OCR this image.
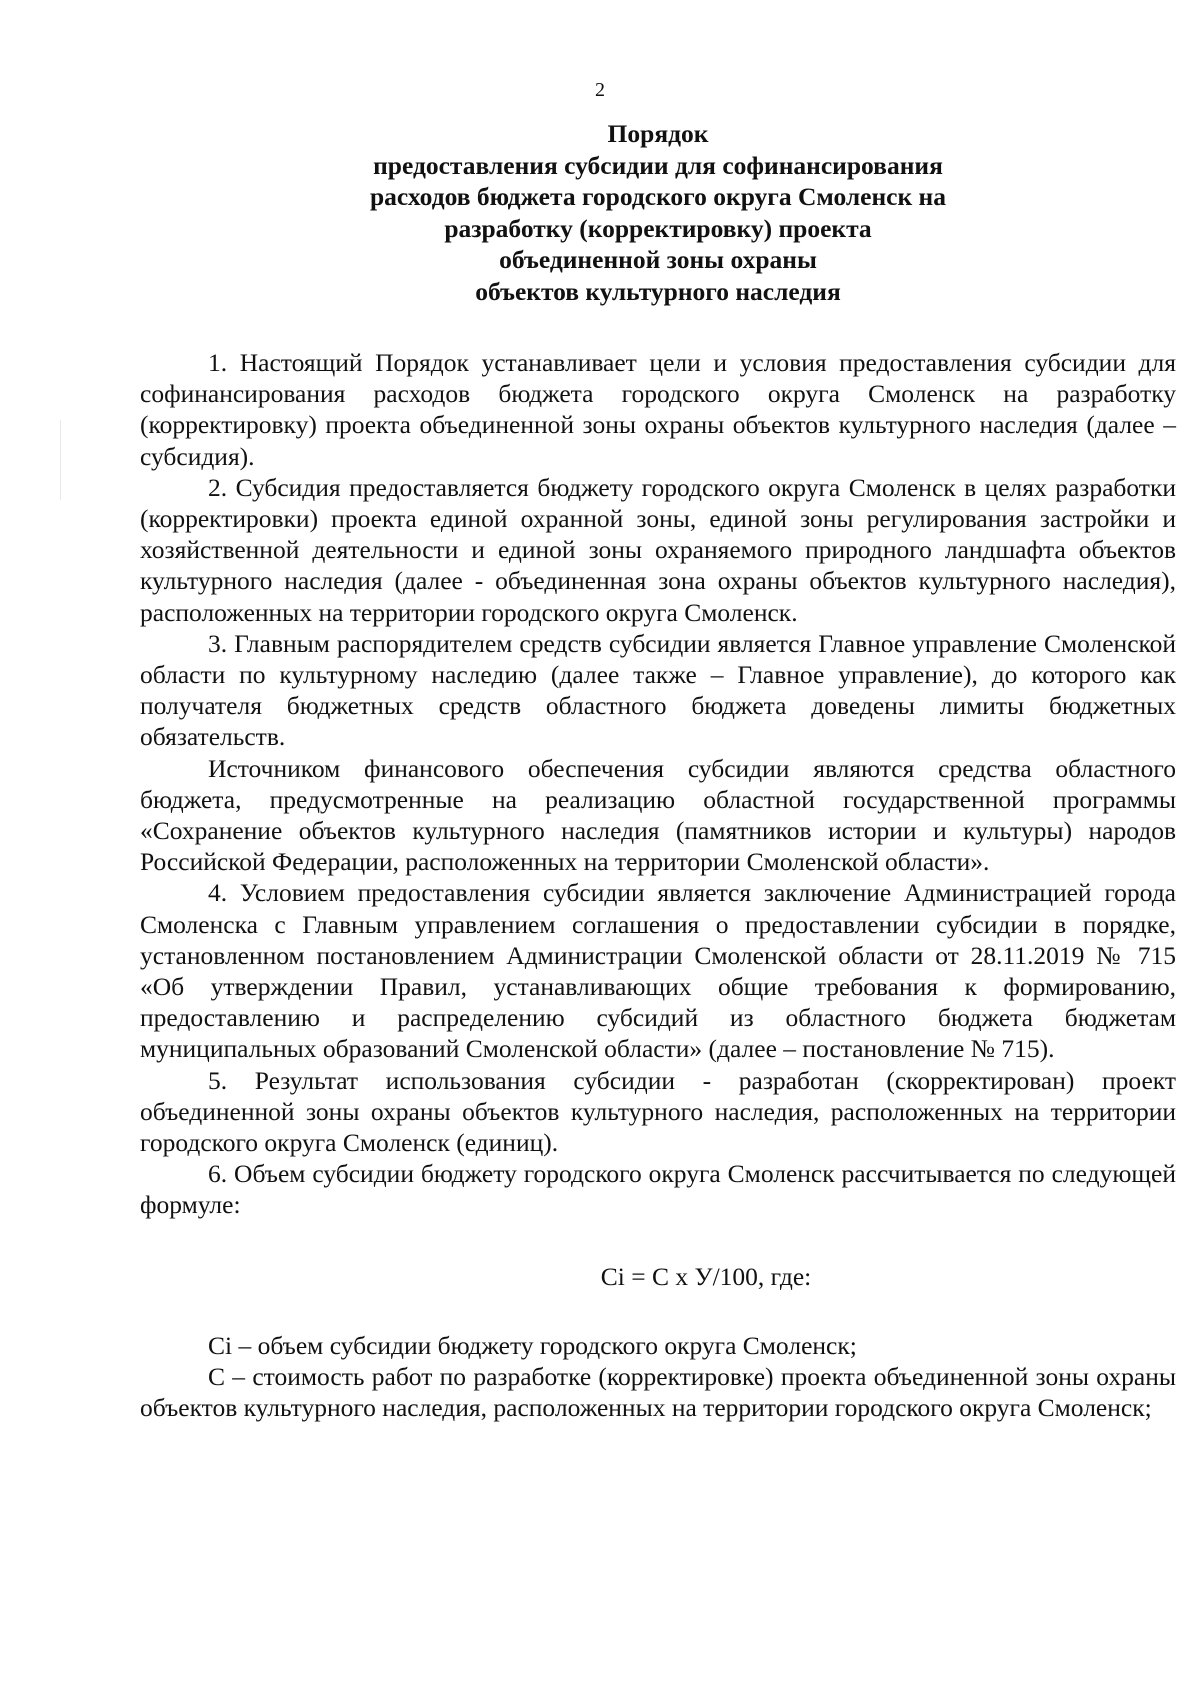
2
Порядок
предоставления субсидии для софинансирования
расходов бюджета городского округа Смоленск на
разработку (корректировку) проекта
объединенной зоны охраны
объектов культурного наследия

1. Настоящий Порядок устанавливает цели и условия предоставления субсидии для софинансирования расходов бюджета городского округа Смоленск на разработку (корректировку) проекта объединенной зоны охраны объектов культурного наследия (далее – субсидия).

2. Субсидия предоставляется бюджету городского округа Смоленск в целях разработки (корректировки) проекта единой охранной зоны, единой зоны регулирования застройки и хозяйственной деятельности и единой зоны охраняемого природного ландшафта объектов культурного наследия (далее - объединенная зона охраны объектов культурного наследия), расположенных на территории городского округа Смоленск.

3. Главным распорядителем средств субсидии является Главное управление Смоленской области по культурному наследию (далее также – Главное управление), до которого как получателя бюджетных средств областного бюджета доведены лимиты бюджетных обязательств.

Источником финансового обеспечения субсидии являются средства областного бюджета, предусмотренные на реализацию областной государственной программы «Сохранение объектов культурного наследия (памятников истории и культуры) народов Российской Федерации, расположенных на территории Смоленской области».

4. Условием предоставления субсидии является заключение Администрацией города Смоленска с Главным управлением соглашения о предоставлении субсидии в порядке, установленном постановлением Администрации Смоленской области от 28.11.2019 № 715 «Об утверждении Правил, устанавливающих общие требования к формированию, предоставлению и распределению субсидий из областного бюджета бюджетам муниципальных образований Смоленской области» (далее – постановление № 715).

5. Результат использования субсидии - разработан (скорректирован) проект объединенной зоны охраны объектов культурного наследия, расположенных на территории городского округа Смоленск (единиц).

6. Объем субсидии бюджету городского округа Смоленск рассчитывается по следующей формуле:

Ci = C x У/100, где:

Ci – объем субсидии бюджету городского округа Смоленск;

С – стоимость работ по разработке (корректировке) проекта объединенной зоны охраны объектов культурного наследия, расположенных на территории городского округа Смоленск;
